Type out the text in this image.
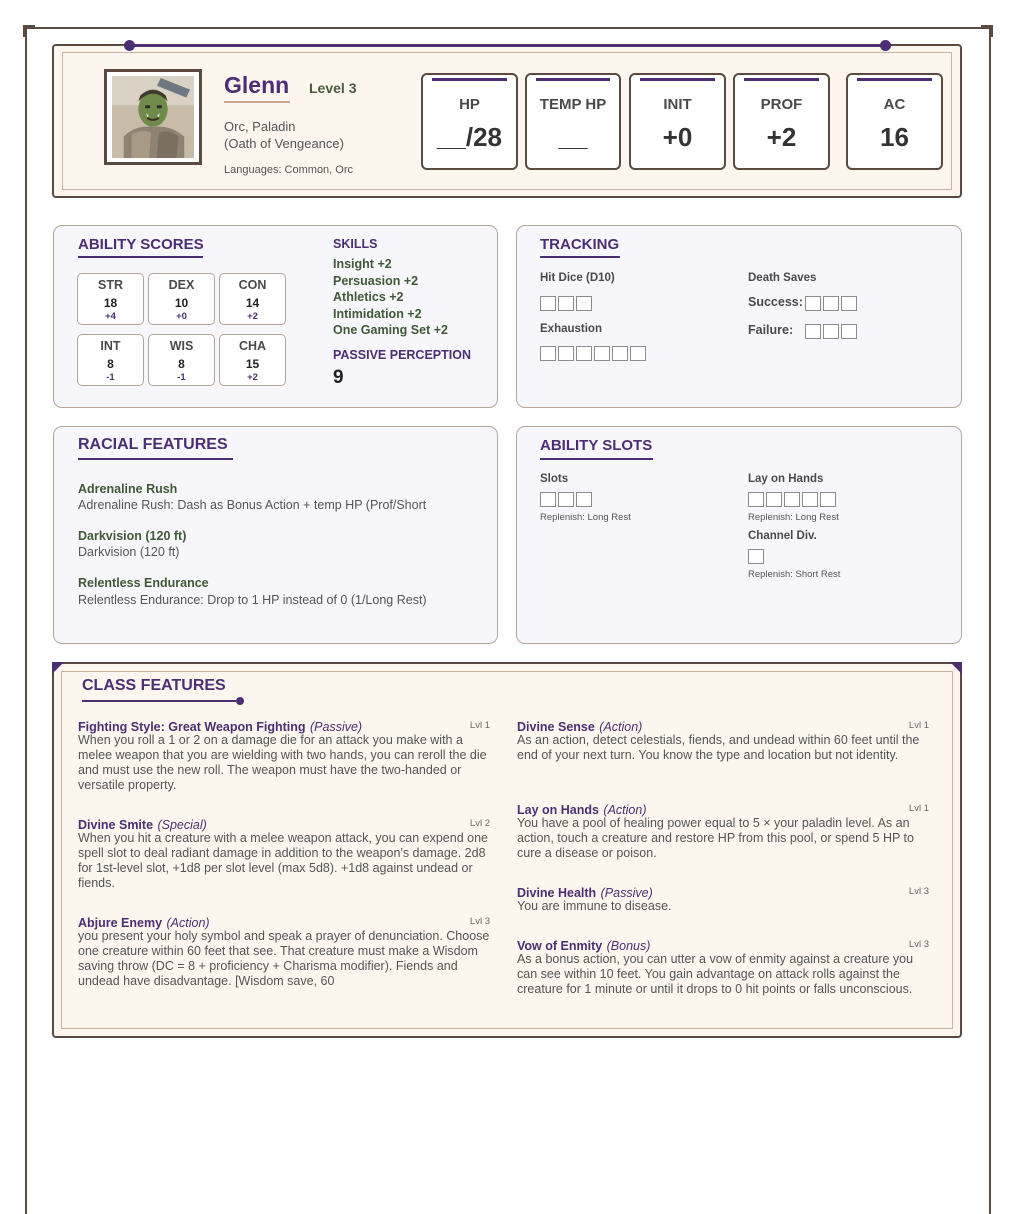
Glenn Level 3
Orc, Paladin
(Oath of Vengeance)
Languages: Common, Orc
HP
__/28
TEMP HP
__
INIT
+0
PROF
+2
AC
16
ABILITY SCORES
STR
18
+4
DEX
10
+0
CON
14
+2
INT
8
-1
WIS
8
-1
CHA
15
+2
SKILLS
Insight +2
Persuasion +2
Athletics +2
Intimidation +2
One Gaming Set +2
PASSIVE PERCEPTION
9
TRACKING
Hit Dice (D10)
Exhaustion
Death Saves
Success:
Failure:
RACIAL FEATURES
Adrenaline Rush
Adrenaline Rush: Dash as Bonus Action + temp HP (Prof/Short
Darkvision (120 ft)
Darkvision (120 ft)
Relentless Endurance
Relentless Endurance: Drop to 1 HP instead of 0 (1/Long Rest)
ABILITY SLOTS
Slots
Replenish: Long Rest
Lay on Hands
Replenish: Long Rest
Channel Div.
Replenish: Short Rest
CLASS FEATURES
Fighting Style: Great Weapon Fighting (Passive)	Lvl 1
When you roll a 1 or 2 on a damage die for an attack you make with a melee weapon that you are wielding with two hands, you can reroll the die and must use the new roll. The weapon must have the two-handed or versatile property.
Divine Smite (Special)	Lvl 2
When you hit a creature with a melee weapon attack, you can expend one spell slot to deal radiant damage in addition to the weapon's damage. 2d8 for 1st-level slot, +1d8 per slot level (max 5d8). +1d8 against undead or fiends.
Abjure Enemy (Action)	Lvl 3
you present your holy symbol and speak a prayer of denunciation. Choose one creature within 60 feet that see. That creature must make a Wisdom saving throw (DC = 8 + proficiency + Charisma modifier). Fiends and undead have disadvantage. [Wisdom save, 60
Divine Sense (Action)	Lvl 1
As an action, detect celestials, fiends, and undead within 60 feet until the end of your next turn. You know the type and location but not identity.
Lay on Hands (Action)	Lvl 1
You have a pool of healing power equal to 5 × your paladin level. As an action, touch a creature and restore HP from this pool, or spend 5 HP to cure a disease or poison.
Divine Health (Passive)	Lvl 3
You are immune to disease.
Vow of Enmity (Bonus)	Lvl 3
As a bonus action, you can utter a vow of enmity against a creature you can see within 10 feet. You gain advantage on attack rolls against the creature for 1 minute or until it drops to 0 hit points or falls unconscious.
